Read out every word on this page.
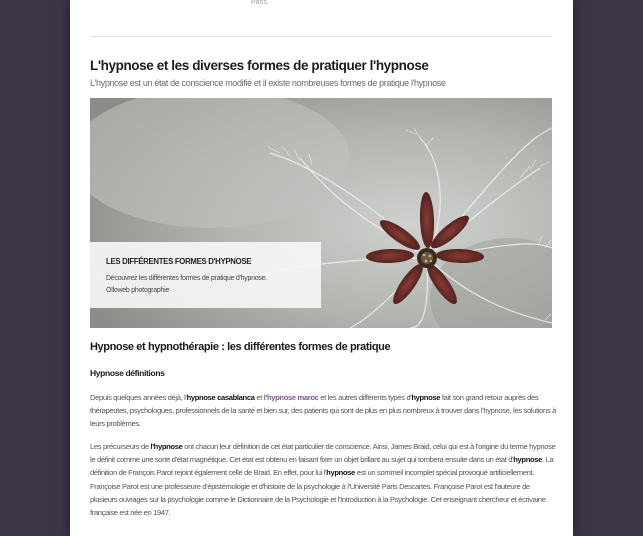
Paris.
L'hypnose et les diverses formes de pratiquer l'hypnose

L'hypnose est un état de conscience modifié et il existe nombreuses formes de pratique l'hypnose

LES DIFFÉRENTES FORMES D'HYPNOSE

Découvrez les différentes formes de pratique d'hypnose.

Olloweb photographie

Hypnose et hypnothérapie : les différentes formes de pratique
Hypnose définitions

Depuis quelques années déjà, l'hypnose casablanca et l'hypnose maroc et les autres différents types d'hypnose fait son grand retour auprès des thérapeutes, psychologues, professionnels de la santé et bien sur, des patients qui sont de plus en plus nombreux à trouver dans l'hypnose, les solutions à leurs problèmes.

Les précurseurs de l'hypnose ont chacun leur définition de cet état particulier de conscience. Ainsi, James Braid, celui qui est à l'origine du terme hypnose le définit comme une sorte d'état magnétique. Cet état est obtenu en faisant fixer un objet brillant au sujet qui tombera ensuite dans un état d'hypnose. La définition de François Parot rejoint également celle de Braid. En effet, pour lui l'hypnose est un sommeil incomplet spécial provoqué artificiellement. Françoise Parot est une professeure d'épistémologie et d'histoire de la psychologie à l'Université Paris Descartes. Françoise Parot est l'auteure de plusieurs ouvrages sur la psychologie comme le Dictionnaire de la Psychologie et l'Introduction à la Psychologie. Cet enseignant chercheur et écrivaine française est née en 1947.
